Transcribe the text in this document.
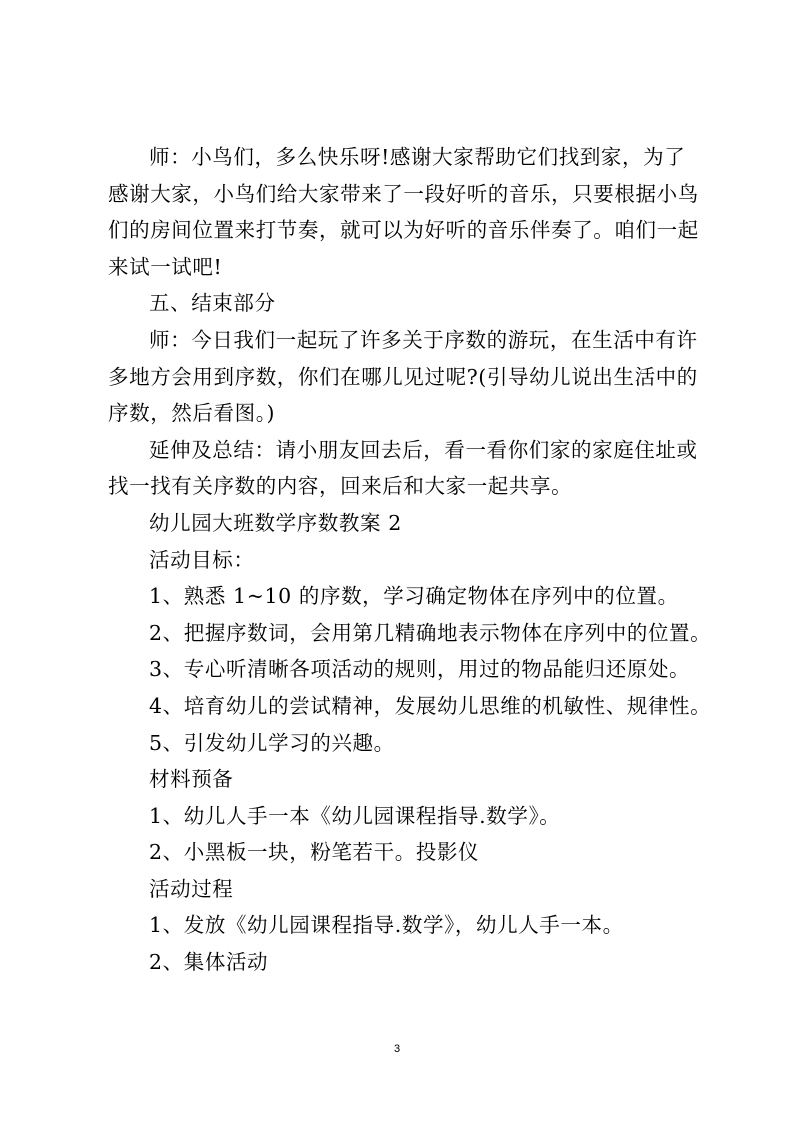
师：小鸟们，多么快乐呀!感谢大家帮助它们找到家，为了
感谢大家，小鸟们给大家带来了一段好听的音乐，只要根据小鸟
们的房间位置来打节奏，就可以为好听的音乐伴奏了。咱们一起
来试一试吧!
五、结束部分
师：今日我们一起玩了许多关于序数的游玩，在生活中有许
多地方会用到序数，你们在哪儿见过呢?(引导幼儿说出生活中的
序数，然后看图。)
延伸及总结：请小朋友回去后，看一看你们家的家庭住址或
找一找有关序数的内容，回来后和大家一起共享。
幼儿园大班数学序数教案 2
活动目标：
1、熟悉 1~10 的序数，学习确定物体在序列中的位置。
2、把握序数词，会用第几精确地表示物体在序列中的位置。
3、专心听清晰各项活动的规则，用过的物品能归还原处。
4、培育幼儿的尝试精神，发展幼儿思维的机敏性、规律性。
5、引发幼儿学习的兴趣。
材料预备
1、幼儿人手一本《幼儿园课程指导.数学》。
2、小黑板一块，粉笔若干。投影仪
活动过程
1、发放《幼儿园课程指导.数学》，幼儿人手一本。
2、集体活动
3
